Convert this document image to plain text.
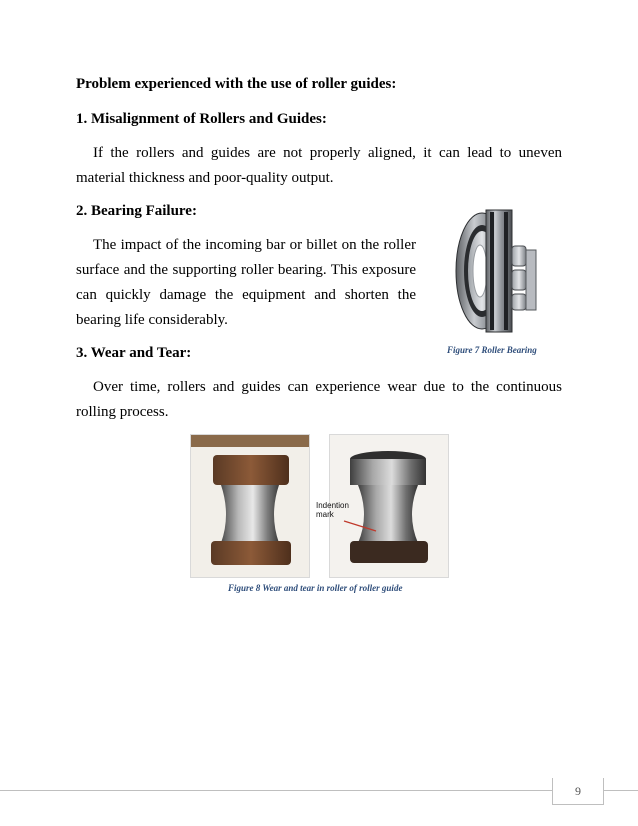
Problem experienced with the use of roller guides:
1. Misalignment of Rollers and Guides:
If the rollers and guides are not properly aligned, it can lead to uneven material thickness and poor-quality output.
2. Bearing Failure:
The impact of the incoming bar or billet on the roller surface and the supporting roller bearing. This exposure can quickly damage the equipment and shorten the bearing life considerably.
Figure 7 Roller Bearing
3. Wear and Tear:
Over time, rollers and guides can experience wear due to the continuous rolling process.
Indention mark
Figure 8 Wear and tear in roller of roller guide
9
